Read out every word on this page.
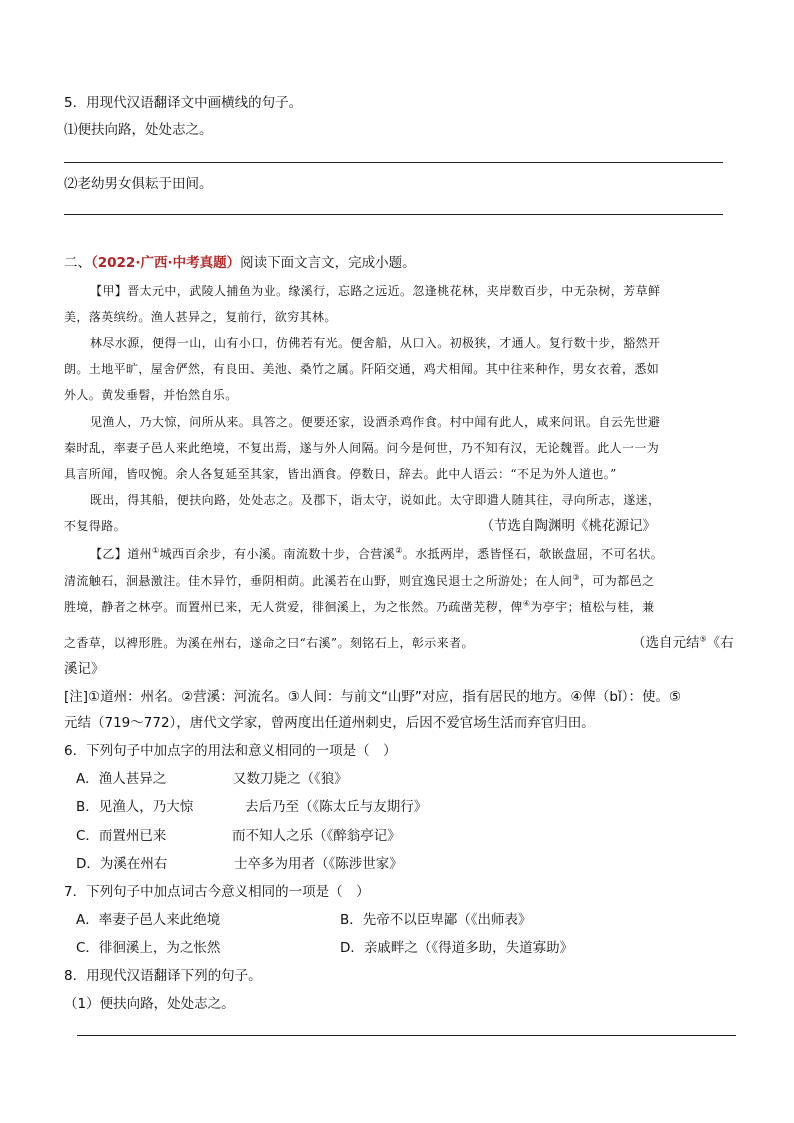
5．用现代汉语翻译文中画横线的句子。
⑴便扶向路，处处志之。
⑵老幼男女俱耘于田间。
二、（2022·广西·中考真题）阅读下面文言文，完成小题。
【甲】晋太元中，武陵人捕鱼为业。缘溪行，忘路之远近。忽逢桃花林，夹岸数百步，中无杂树，芳草鲜
美，落英缤纷。渔人甚异之，复前行，欲穷其林。
林尽水源，便得一山，山有小口，仿佛若有光。便舍船，从口入。初极狭，才通人。复行数十步，豁然开
朗。土地平旷，屋舍俨然，有良田、美池、桑竹之属。阡陌交通，鸡犬相闻。其中往来种作，男女衣着，悉如
外人。黄发垂髫，并怡然自乐。
见渔人，乃大惊，问所从来。具答之。便要还家，设酒杀鸡作食。村中闻有此人，咸来问讯。自云先世避
秦时乱，率妻子邑人来此绝境，不复出焉，遂与外人间隔。问今是何世，乃不知有汉，无论魏晋。此人一一为
具言所闻，皆叹惋。余人各复延至其家，皆出酒食。停数日，辞去。此中人语云：“不足为外人道也。”
既出，得其船，便扶向路，处处志之。及郡下，诣太守，说如此。太守即遣人随其往，寻向所志，遂迷，
不复得路。	（节选自陶渊明《桃花源记》
【乙】道州①城西百余步，有小溪。南流数十步，合营溪②。水抵两岸，悉皆怪石，欹嵌盘屈，不可名状。
清流触石，洄悬激注。佳木异竹，垂阴相荫。此溪若在山野，则宜逸民退士之所游处；在人间③，可为都邑之
胜境，静者之林亭。而置州已来，无人赏爱，徘徊溪上，为之怅然。乃疏凿芜秽，俾④为亭宇；植松与桂，兼
之香草，以裨形胜。为溪在州右，遂命之曰“右溪”。刻铭石上，彰示来者。	（选自元结⑤《右
溪记》
[注]①道州：州名。②营溪：河流名。③人间：与前文“山野”对应，指有居民的地方。④俾（bǐ）：使。⑤
元结（719～772），唐代文学家，曾两度出任道州刺史，后因不爱官场生活而弃官归田。
6．下列句子中加点字的用法和意义相同的一项是（　）
A．渔人甚异之	又数刀毙之（《狼》
B．见渔人，乃大惊	去后乃至（《陈太丘与友期行》
C．而置州已来	而不知人之乐（《醉翁亭记》
D．为溪在州右	士卒多为用者（《陈涉世家》
7．下列句子中加点词古今意义相同的一项是（　）
A．率妻子邑人来此绝境	B．先帝不以臣卑鄙（《出师表》
C．徘徊溪上，为之怅然	D．亲戚畔之（《得道多助，失道寡助》
8．用现代汉语翻译下列的句子。
（1）便扶向路，处处志之。
